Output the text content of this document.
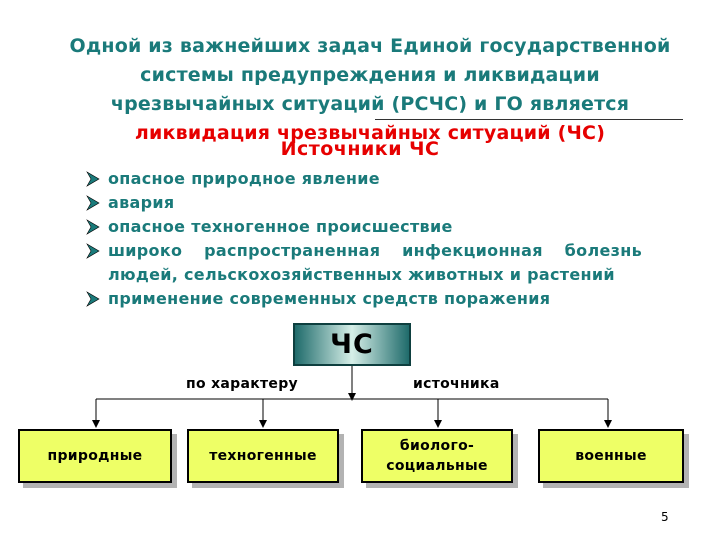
Одной из важнейших задач Единой государственной системы предупреждения и ликвидации чрезвычайных ситуаций (РСЧС) и ГО является ликвидация чрезвычайных ситуаций (ЧС)
Источники ЧС
опасное природное явление
авария
опасное техногенное происшествие
широко распространенная инфекционная болезнь людей, сельскохозяйственных животных и растений
применение современных средств поражения
ЧС
по характеру	источника
природные	техногенные
биолого-
социальные
военные
5
